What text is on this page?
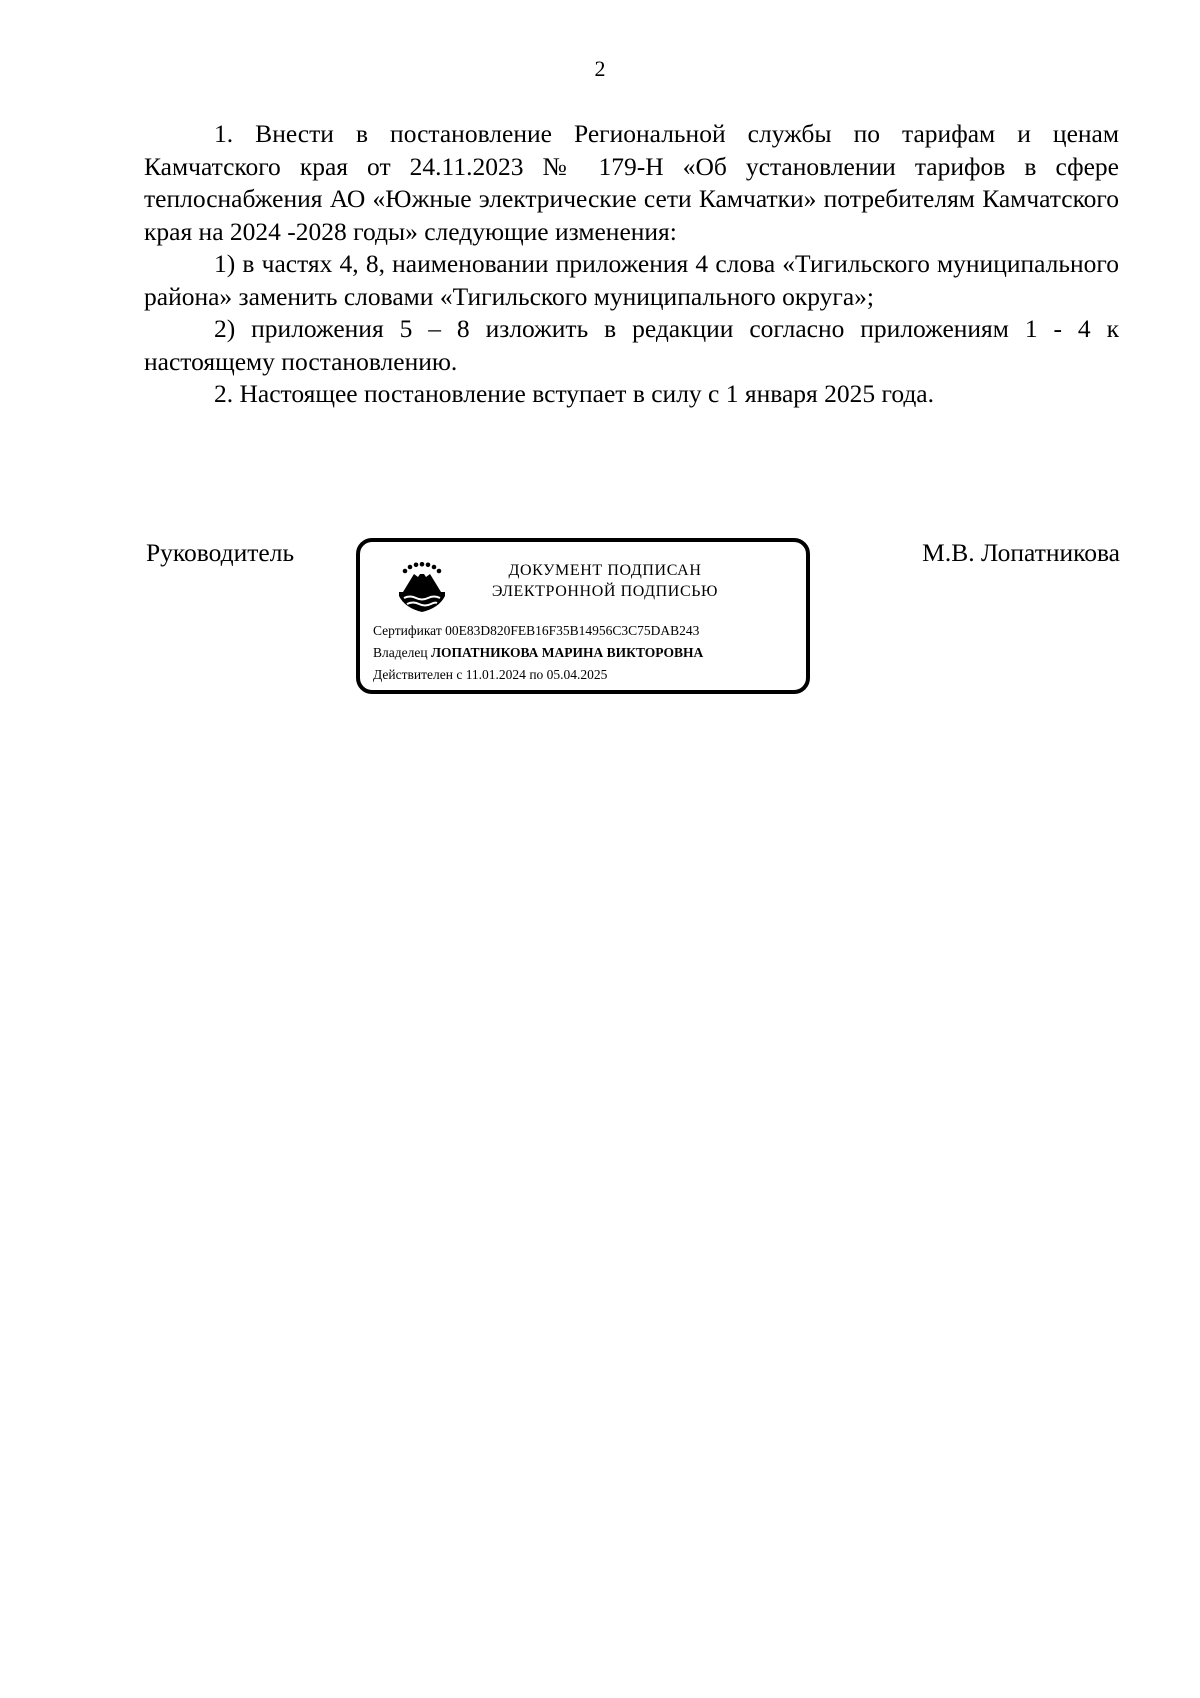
2

1. Внести в постановление Региональной службы по тарифам и ценам Камчатского края от 24.11.2023 № 179-Н «Об установлении тарифов в сфере теплоснабжения АО «Южные электрические сети Камчатки» потребителям Камчатского края на 2024 -2028 годы» следующие изменения:

1) в частях 4, 8, наименовании приложения 4 слова «Тигильского муниципального района» заменить словами «Тигильского муниципального округа»;

2) приложения 5 – 8 изложить в редакции согласно приложениям 1 - 4 к настоящему постановлению.

2. Настоящее постановление вступает в силу с 1 января 2025 года.

Руководитель
ДОКУМЕНТ ПОДПИСАН
ЭЛЕКТРОННОЙ ПОДПИСЬЮ
Сертификат 00E83D820FEB16F35B14956C3C75DAB243
Владелец ЛОПАТНИКОВА МАРИНА ВИКТОРОВНА
Действителен с 11.01.2024 по 05.04.2025
М.В. Лопатникова
